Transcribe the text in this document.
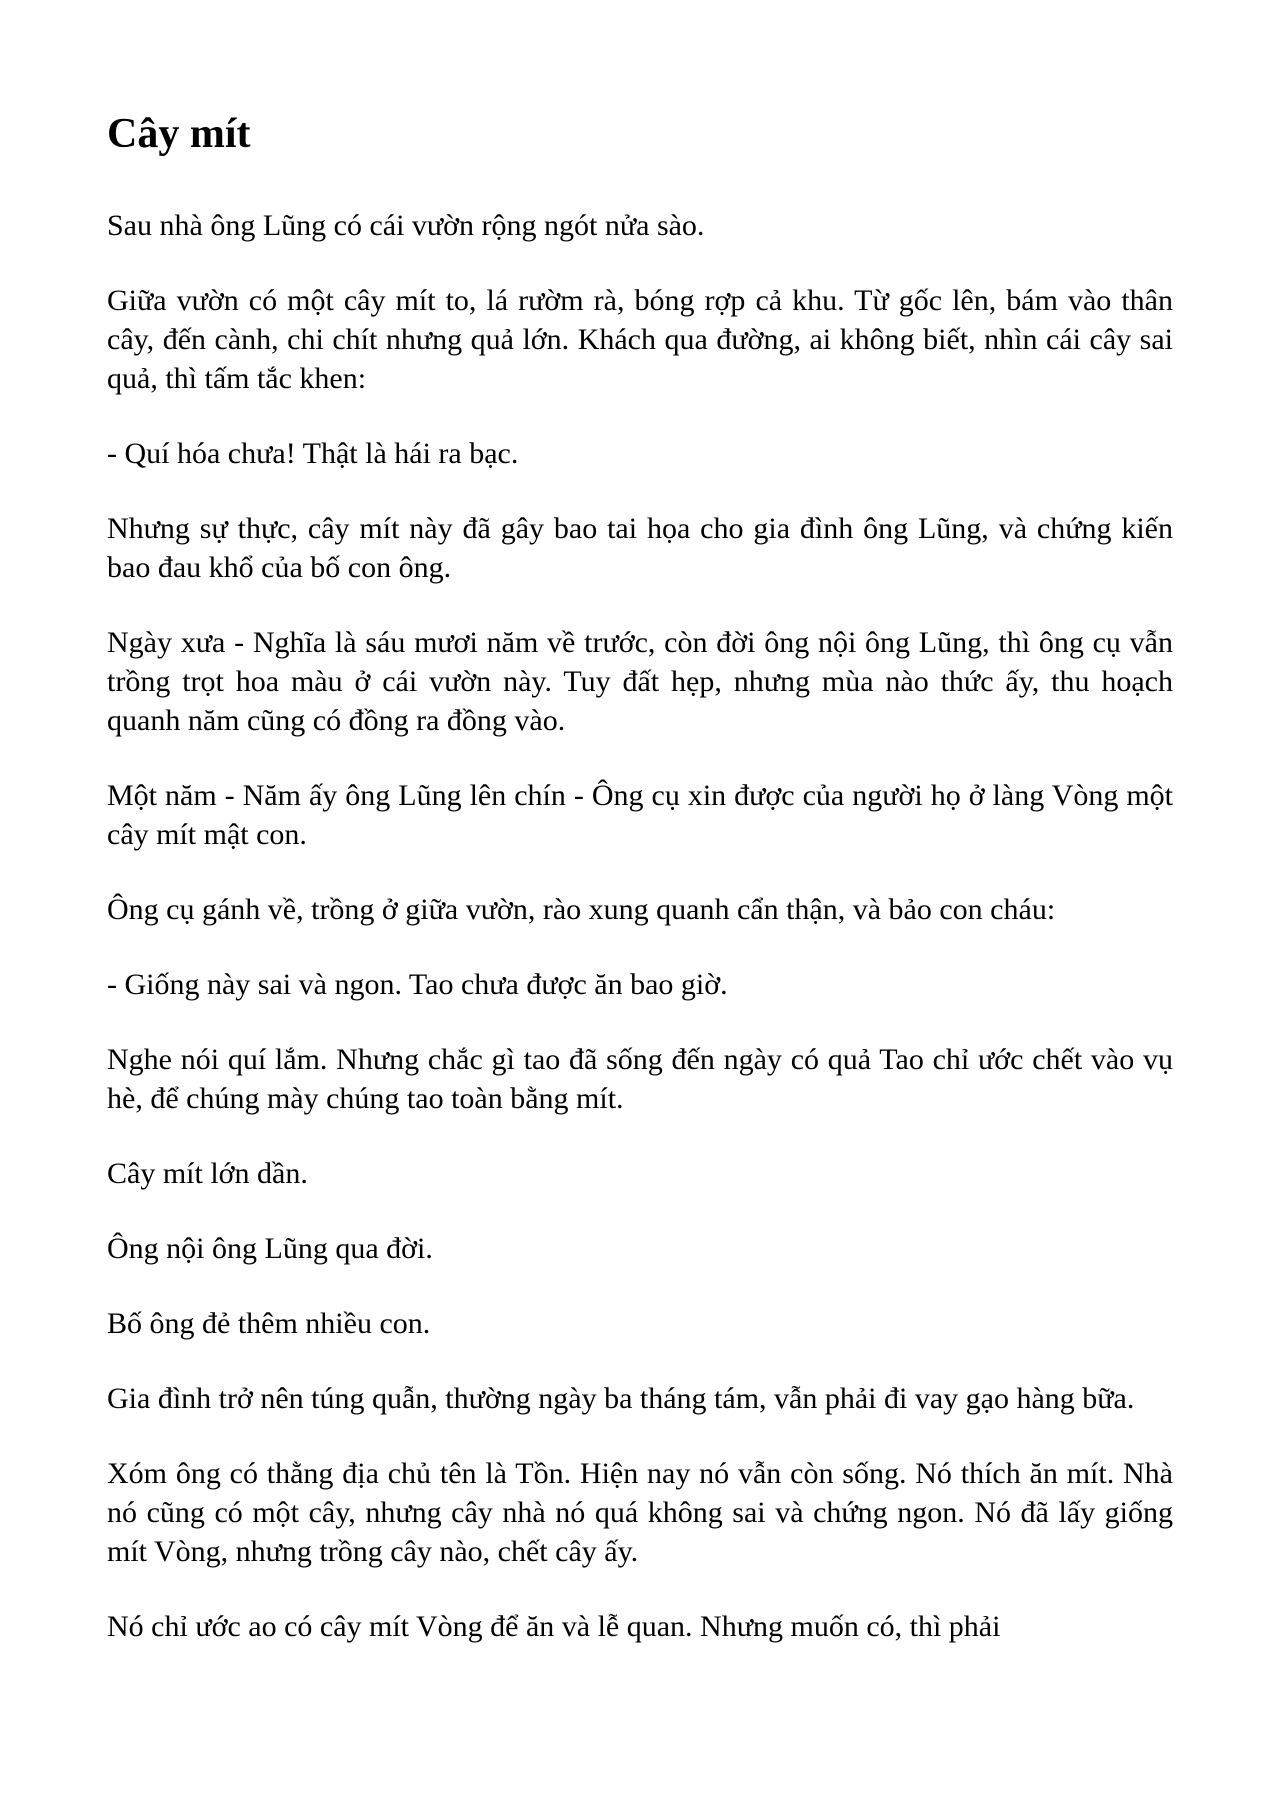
Cây mít

Sau nhà ông Lũng có cái vườn rộng ngót nửa sào.

Giữa vườn có một cây mít to, lá rườm rà, bóng rợp cả khu. Từ gốc lên, bám vào thân cây, đến cành, chi chít nhưng quả lớn. Khách qua đường, ai không biết, nhìn cái cây sai quả, thì tấm tắc khen:

- Quí hóa chưa! Thật là hái ra bạc.

Nhưng sự thực, cây mít này đã gây bao tai họa cho gia đình ông Lũng, và chứng kiến bao đau khổ của bố con ông.

Ngày xưa - Nghĩa là sáu mươi năm về trước, còn đời ông nội ông Lũng, thì ông cụ vẫn trồng trọt hoa màu ở cái vườn này. Tuy đất hẹp, nhưng mùa nào thức ấy, thu hoạch quanh năm cũng có đồng ra đồng vào.

Một năm - Năm ấy ông Lũng lên chín - Ông cụ xin được của người họ ở làng Vòng một cây mít mật con.

Ông cụ gánh về, trồng ở giữa vườn, rào xung quanh cẩn thận, và bảo con cháu:

- Giống này sai và ngon. Tao chưa được ăn bao giờ.

Nghe nói quí lắm. Nhưng chắc gì tao đã sống đến ngày có quả Tao chỉ ước chết vào vụ hè, để chúng mày chúng tao toàn bằng mít.

Cây mít lớn dần.

Ông nội ông Lũng qua đời.

Bố ông đẻ thêm nhiều con.

Gia đình trở nên túng quẫn, thường ngày ba tháng tám, vẫn phải đi vay gạo hàng bữa.

Xóm ông có thằng địa chủ tên là Tồn. Hiện nay nó vẫn còn sống. Nó thích ăn mít. Nhà nó cũng có một cây, nhưng cây nhà nó quá không sai và chứng ngon. Nó đã lấy giống mít Vòng, nhưng trồng cây nào, chết cây ấy.

Nó chỉ ước ao có cây mít Vòng để ăn và lễ quan. Nhưng muốn có, thì phải
